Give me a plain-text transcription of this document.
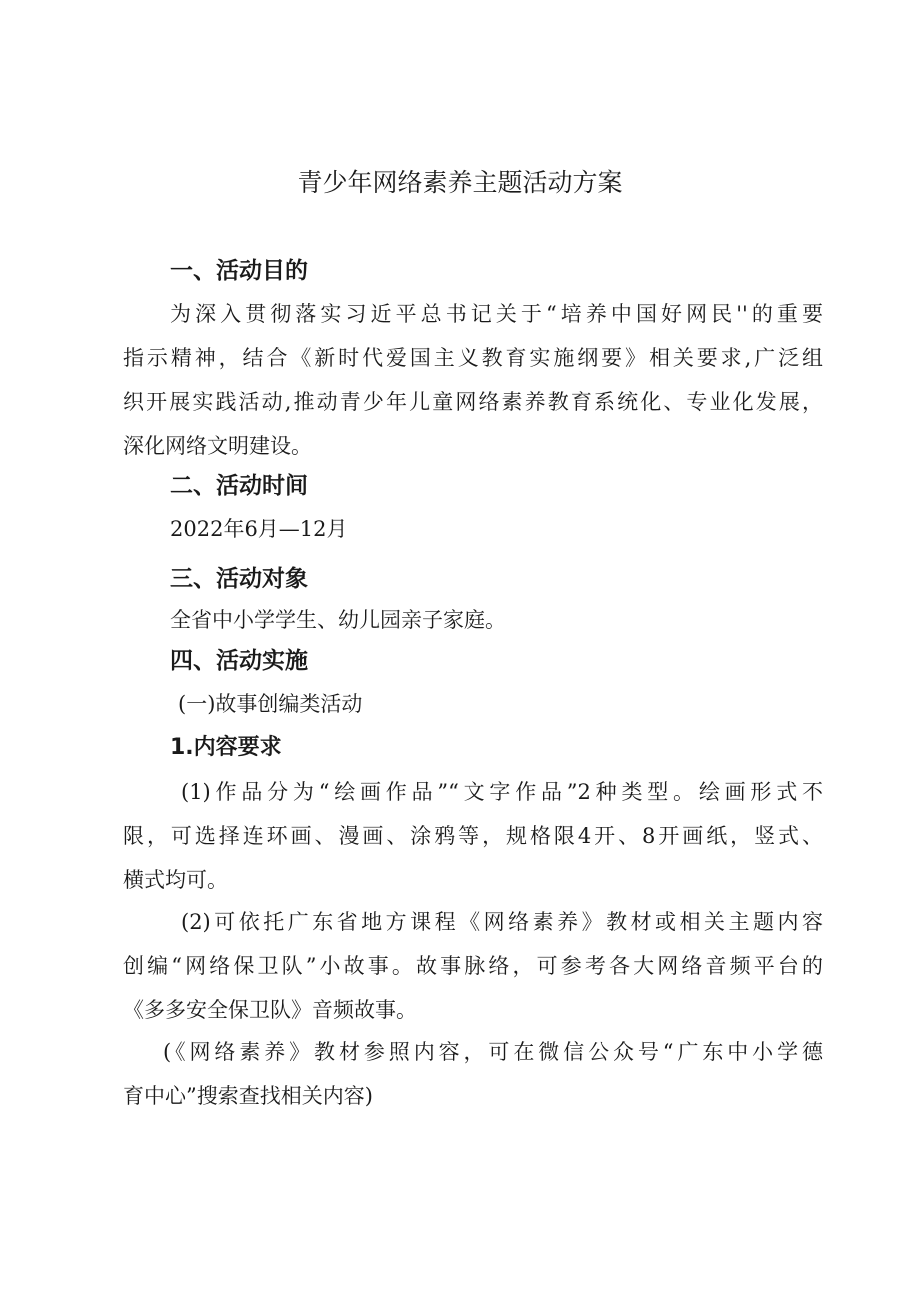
青少年网络素养主题活动方案
一、活动目的
为深入贯彻落实习近平总书记关于“培养中国好网民''的重要
指示精神，结合《新时代爱国主义教育实施纲要》相关要求,广泛组
织开展实践活动,推动青少年儿童网络素养教育系统化、专业化发展，
深化网络文明建设。
二、活动时间

2022年6月—12月

三、活动对象

全省中小学学生、幼儿园亲子家庭。

四、活动实施

(一)故事创编类活动

1.内容要求
(1)作品分为“绘画作品”“文字作品”2种类型。绘画形式不
限，可选择连环画、漫画、涂鸦等，规格限4开、8开画纸，竖式、
横式均可。
(2)可依托广东省地方课程《网络素养》教材或相关主题内容
创编“网络保卫队”小故事。故事脉络，可参考各大网络音频平台的
《多多安全保卫队》音频故事。
(《网络素养》教材参照内容，可在微信公众号“广东中小学德
育中心”搜索查找相关内容)
